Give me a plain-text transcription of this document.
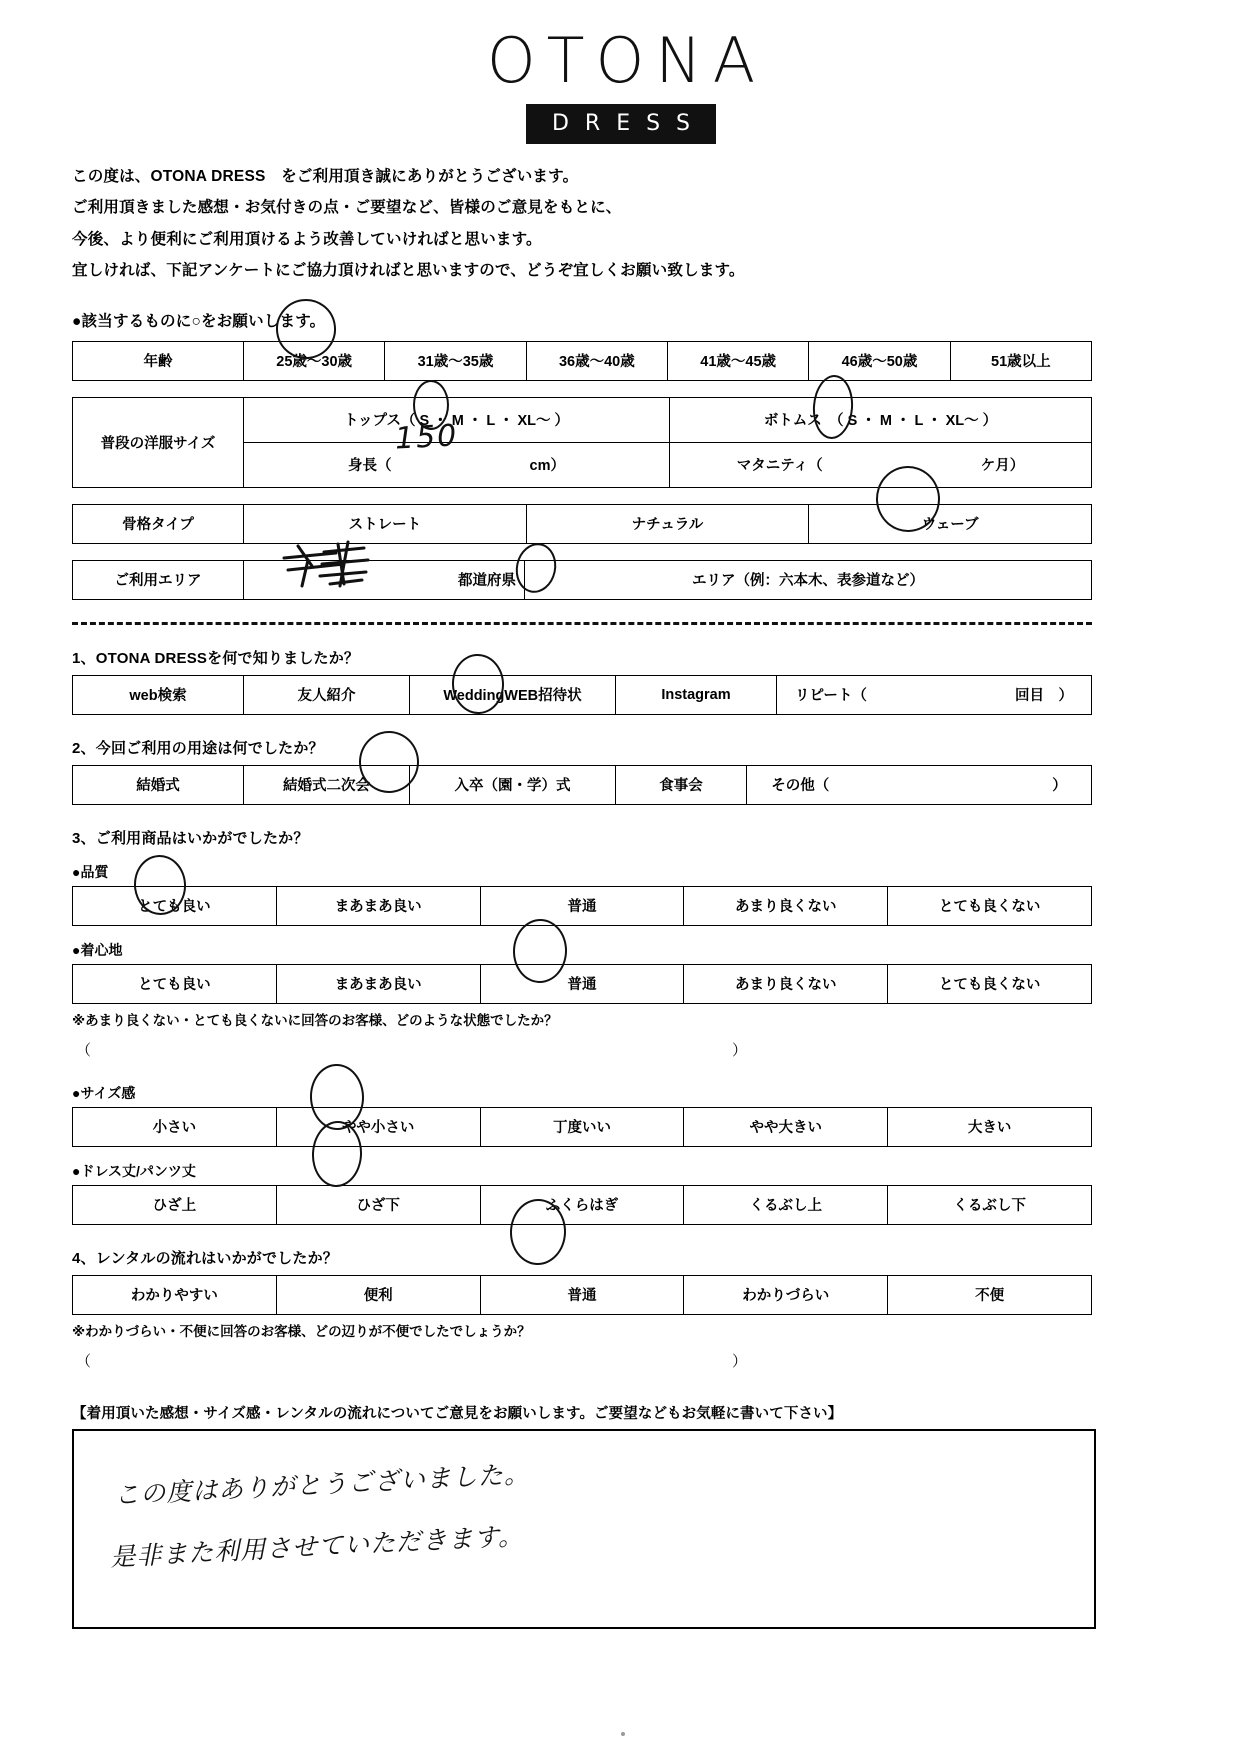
OTONA
DRESS

この度は、OTONA DRESS　をご利用頂き誠にありがとうございます。

ご利用頂きました感想・お気付きの点・ご要望など、皆様のご意見をもとに、

今後、より便利にご利用頂けるよう改善していければと思います。

宜しければ、下記アンケートにご協力頂ければと思いますので、どうぞ宜しくお願い致します。

●該当するものに○をお願いします。
年齢	25歳〜30歳	31歳〜35歳	36歳〜40歳	41歳〜45歳	46歳〜50歳	51歳以上
普段の洋服サイズ	トップス（ S ・ M ・ L ・ XL〜 ）	ボトムス　（ S ・ M ・ L ・ XL〜 ）
	身長（ cm）	マタニティ（ ケ月）
骨格タイプ	ストレート	ナチュラル	ウェーブ
ご利用エリア	都道府県	エリア（例：六本木、表参道など）
1、OTONA DRESSを何で知りましたか？
web検索	友人紹介	WeddingWEB招待状	Instagram	リピート（	回目　）
2、今回ご利用の用途は何でしたか？
結婚式	結婚式二次会	入卒（園・学）式	食事会	その他（	）
3、ご利用商品はいかがでしたか？
●品質
とても良い	まあまあ良い	普通	あまり良くない	とても良くない
●着心地
とても良い	まあまあ良い	普通	あまり良くない	とても良くない
※あまり良くない・とても良くないに回答のお客様、どのような状態でしたか？
（	）
●サイズ感
小さい	やや小さい	丁度いい	やや大きい	大きい
●ドレス丈/パンツ丈
ひざ上	ひざ下	ふくらはぎ	くるぶし上	くるぶし下
4、レンタルの流れはいかがでしたか？
わかりやすい	便利	普通	わかりづらい	不便
※わかりづらい・不便に回答のお客様、どの辺りが不便でしたでしょうか？
（	）
【着用頂いた感想・サイズ感・レンタルの流れについてご意見をお願いします。ご要望などもお気軽に書いて下さい】
この度はありがとうございました。
是非また利用させていただきます。
150
